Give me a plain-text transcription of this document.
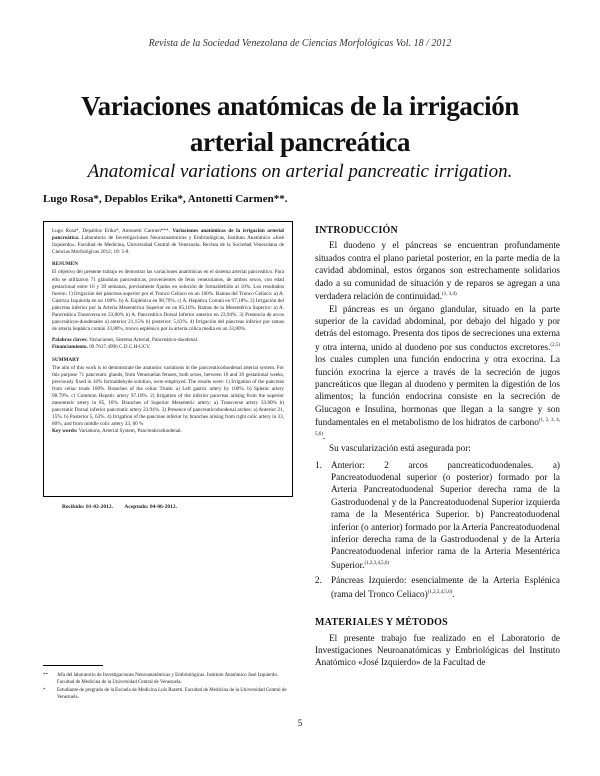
Revista de la Sociedad Venezolana de Ciencias Morfológicas Vol. 18 / 2012
Variaciones anatómicas de la irrigación
arterial pancreática
Anatomical variations on arterial pancreatic irrigation.
Lugo Rosa*, Depablos Erika*, Antonetti Carmen**.

Lugo Rosa*, Depablos Erika*, Antonetti Carmen***. Variaciones anatómicas de la irrigación arterial pancreática. Laboratorio de Investigaciones Neuroanatómicas y Embriológicas, Instituto Anatómico «José Izquierdo», Facultad de Medicina, Universidad Central de Venezuela. Revista de la Sociedad Venezolana de Ciencias Morfológicas 2012; 18: 5-8.

RESUMEN

El objetivo del presente trabajo es demostrar las variaciones anatómicas en el sistema arterial pancreático. Para ello se utilizaron 71 glándulas pancreáticas, provenientes de fetos venezolanos, de ambos sexos, con edad gestacional entre 16 y 39 semanas, previamente fijados en solución de formaldehído al 10%. Los resultados fueron: 1) Irrigación del páncreas superior por el Tronco Celíaco en un 100%. Ramas del Tronco Celíaco: a) A. Gástrica Izquierda en un 100%. b) A. Esplénica en 98,79%. c) A. Hepática Común en 97,18%. 2) Irrigación del páncreas inferior por la Arteria Mesentérica Superior en un 85,10%. Ramas de la Mesentérica Superior: a) A. Pancreática Transversa en 33,80% b) A. Pancreática Dorsal Inferior anterior en 23,94%. 3) Presencia de arcos pancreáticos-duodenales a) anterior 21,15% b) posterior: 5,63%. 4) Irrigación del páncreas inferior por ramas de arteria hepática común 33,80%, tronco esplénico por la arteria cólica media en un 33,80%.

Palabras claves: Variaciones, Sistema Arterial, Pancreático-duodenal.

Financiamiento. 09.7637.4996 C.D.C.H-UCV.

SUMMARY

The aim of this work is to demonstrate the anatomic variations in the pancreaticoduodenal arterial system. For this purpose 71 pancreatic glands, from Venezuelan fetuses, both sexes, between 16 and 39 gestational weeks, previously fixed in 10% formaldehyde solution, were employed. The results were: 1) Irrigation of the pancreas from celiac trunk 100%. Branches of the celiac Trunk: a) Left gastric artery by 100%. b) Splenic artery 98.79%. c) Common Hepatic artery 97.18%. 2) Irrigation of the inferior pancreas arising from the superior mesenteric artery in 85, 10%. Branches of Superior Mesenteric artery: a) Transverse artery 33.80% b) pancreatic Dorsal inferior pancreatic artery 23.94%. 3) Presence of pancreaticoduodenal arches: a) Anterior 21, 15%. b) Posterior 5, 63%. 4) Irrigation of the pancreas inferior by branches arising from right colic artery in 33, 80%, and from middle colic artery 33, 80 %

Key words: Variations, Arterial System, Pancreaticoduodenal.

Recibido: 01-02-2012. Aceptado: 04-06-2012.
**	Jefa del laboratorio de Investigaciones Neuroanatómicas y Embriológicas. Instituto Anatómico José Izquierdo. Facultad de Medicina de la Universidad Central de Venezuela.
*	Estudiante de pregrado de la Escuela de Medicina Luis Razetti. Facultad de Medicina de la Universidad Central de Venezuela.
INTRODUCCIÓN

El duodeno y el páncreas se encuentran profundamente situados contra el plano parietal posterior, en la parte media de la cavidad abdominal, estos órganos son estrechamente solidarios dado a su comunidad de situación y de reparos se agregan a una verdadera relación de continuidad.$^{(1, 3,4)}$

El páncreas es un órgano glandular, situado en la parte superior de la cavidad abdominal, por debajo del hígado y por detrás del estomago. Presenta dos tipos de secreciones una externa y otra interna, unido al duodeno por sus conductos excretores.$^{(2,5)}$ los cuales cumplen una función endocrina y otra exocrina. La función exocrina la ejerce a través de la secreción de jugos pancreáticos que llegan al duodeno y permiten la digestión de los alimentos; la función endocrina consiste en la secreción de Glucagon e Insulina, hormonas que llegan a la sangre y son fundamentales en el metabolismo de los hidratos de carbono$^{(1, 2, 3, 4, 5,6)}$.

Su vascularización está asegurada por:

1. Anterior: 2 arcos pancreaticoduodenales. a) Pancreatoduodenal superior (o posterior) formado por la Arteria Pancreatoduodenal Superior derecha rama de la Gastroduodenal y de la Pancreatoduodenal Superior izquierda rama de la Mesentérica Superior. b) Pancreatoduodenal inferior (o anterior) formado por la Arteria Pancreatoduodenal inferior derecha rama de la Gastroduodenal y de la Arteria Pancreatoduodenal inferior rama de la Arteria Mesentérica Superior.$^{(1,2,3,4,5,6)}$
2. Páncreas Izquierdo: esencialmente de la Arteria Esplénica (rama del Tronco Celiaco)$^{(1,2,3,4,5,6)}$.
MATERIALES Y MÉTODOS

El presente trabajo fue realizado en el Laboratorio de Investigaciones Neuroanatómicas y Embriológicas del Instituto Anatómico «José Izquierdo» de la Facultad de

5
